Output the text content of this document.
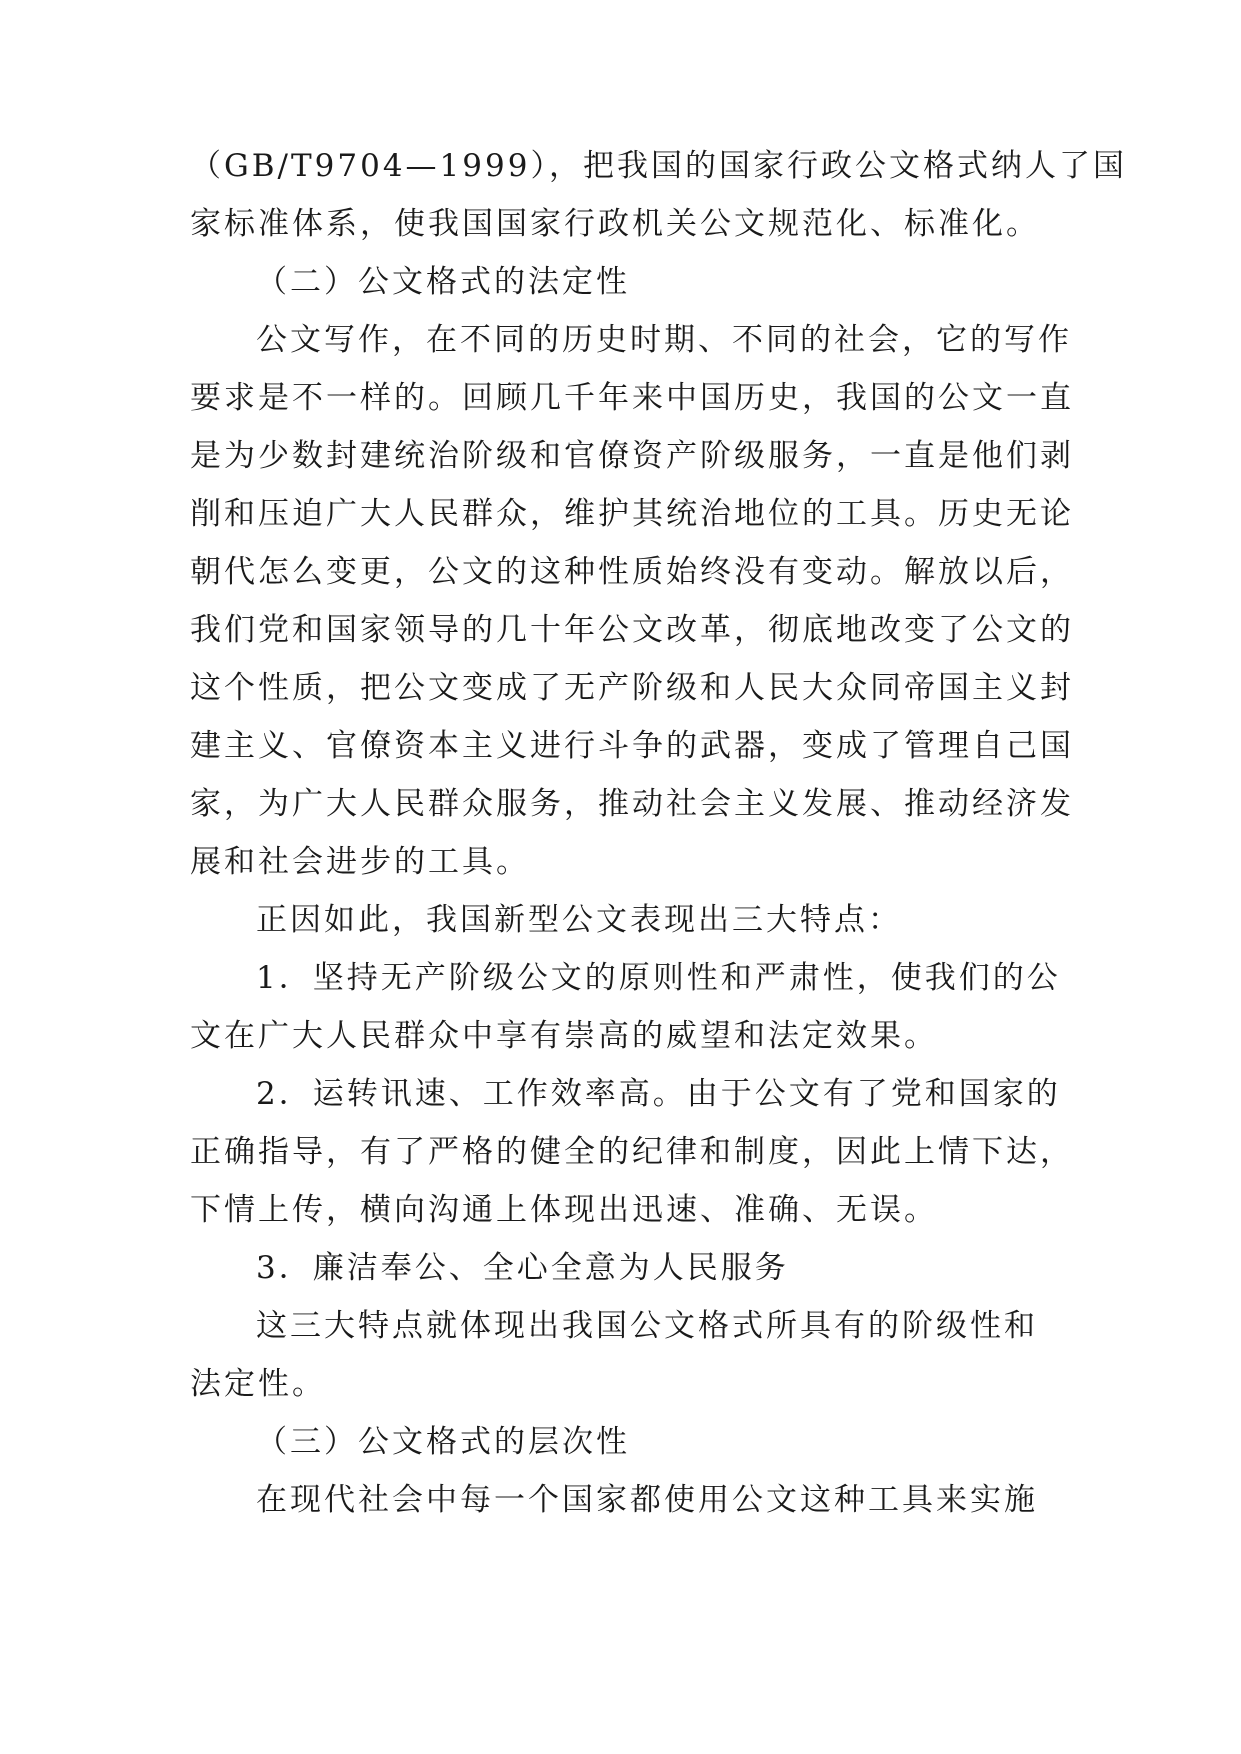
（GB/T9704—1999），把我国的国家行政公文格式纳人了国
家标准体系，使我国国家行政机关公文规范化、标准化。
（二）公文格式的法定性
公文写作，在不同的历史时期、不同的社会，它的写作
要求是不一样的。回顾几千年来中国历史，我国的公文一直
是为少数封建统治阶级和官僚资产阶级服务，一直是他们剥
削和压迫广大人民群众，维护其统治地位的工具。历史无论
朝代怎么变更，公文的这种性质始终没有变动。解放以后，
我们党和国家领导的几十年公文改革，彻底地改变了公文的
这个性质，把公文变成了无产阶级和人民大众同帝国主义封
建主义、官僚资本主义进行斗争的武器，变成了管理自己国
家，为广大人民群众服务，推动社会主义发展、推动经济发
展和社会进步的工具。
正因如此，我国新型公文表现出三大特点：
1．坚持无产阶级公文的原则性和严肃性，使我们的公
文在广大人民群众中享有崇高的威望和法定效果。
2．运转讯速、工作效率高。由于公文有了党和国家的
正确指导，有了严格的健全的纪律和制度，因此上情下达，
下情上传，横向沟通上体现出迅速、准确、无误。
3．廉洁奉公、全心全意为人民服务
这三大特点就体现出我国公文格式所具有的阶级性和
法定性。
（三）公文格式的层次性
在现代社会中每一个国家都使用公文这种工具来实施
